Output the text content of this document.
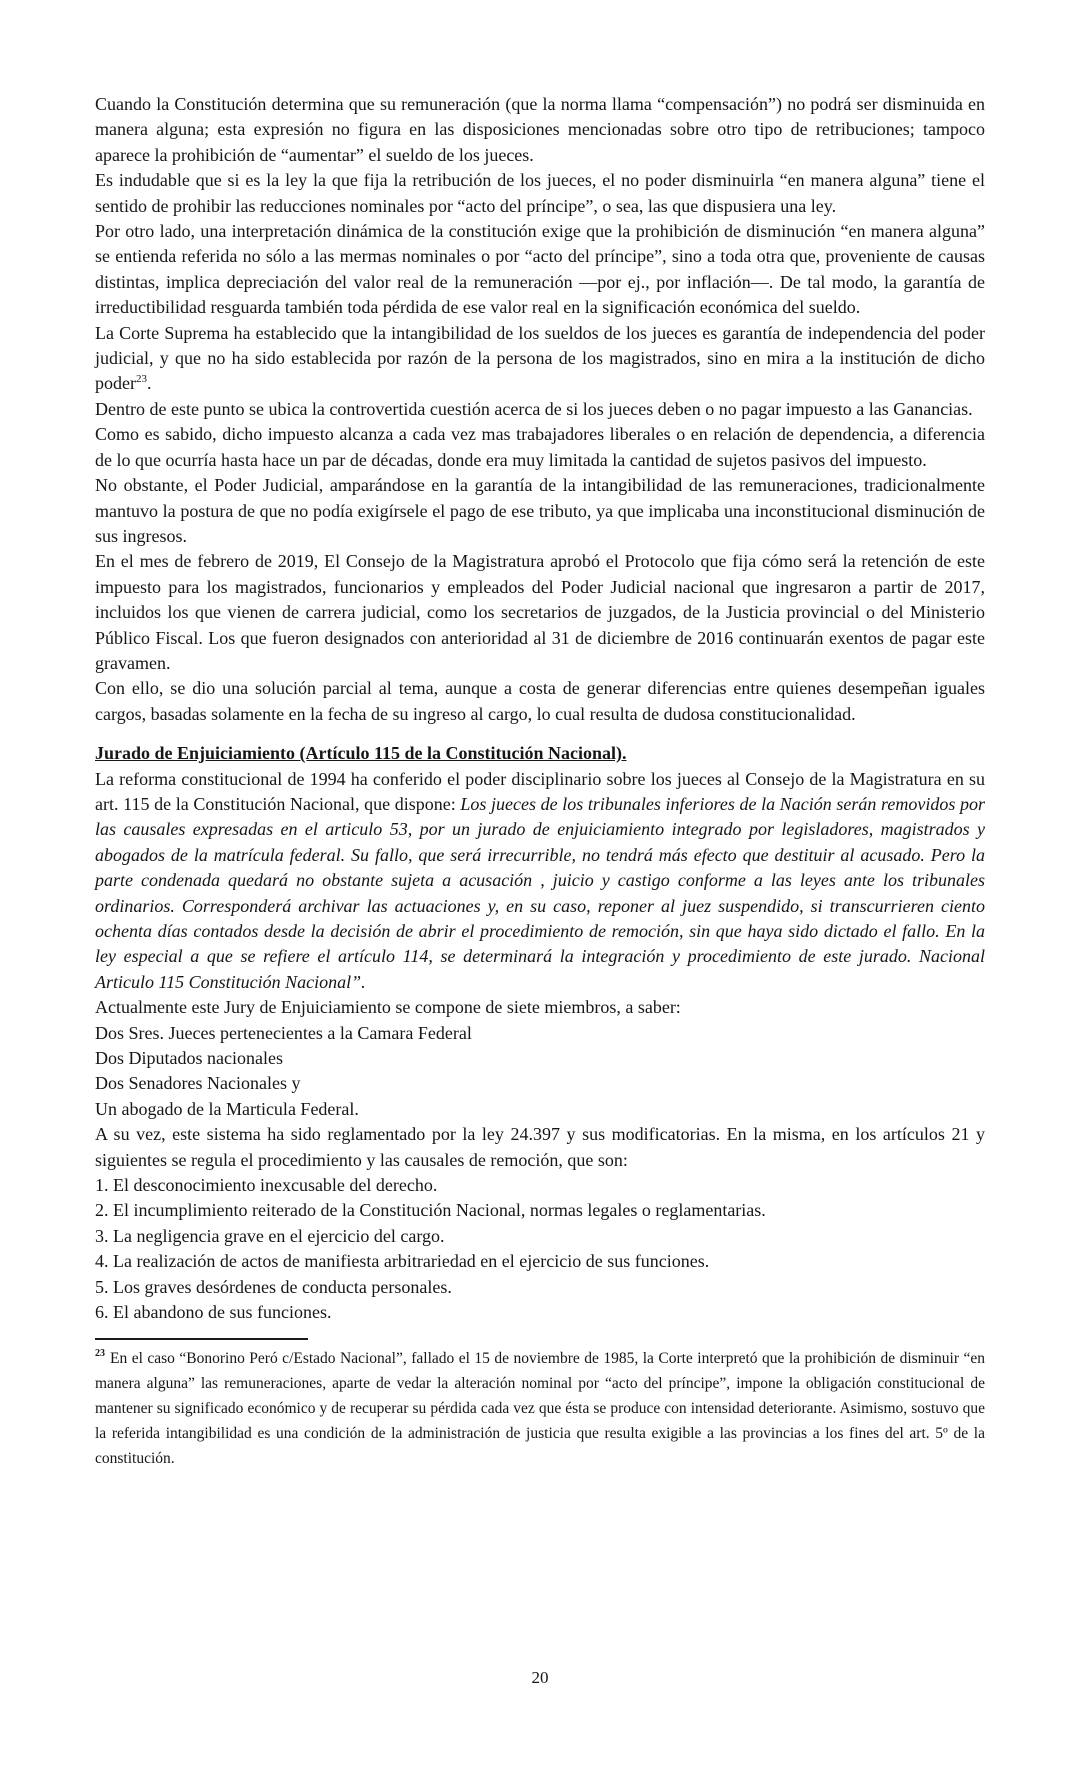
Cuando la Constitución determina que su remuneración (que la norma llama “compensación”) no podrá ser disminuida en manera alguna; esta expresión no figura en las disposiciones mencionadas sobre otro tipo de retribuciones; tampoco aparece la prohibición de “aumentar” el sueldo de los jueces.

Es indudable que si es la ley la que fija la retribución de los jueces, el no poder disminuirla “en manera alguna” tiene el sentido de prohibir las reducciones nominales por “acto del príncipe”, o sea, las que dispusiera una ley.

Por otro lado, una interpretación dinámica de la constitución exige que la prohibición de disminución “en manera alguna” se entienda referida no sólo a las mermas nominales o por “acto del príncipe”, sino a toda otra que, proveniente de causas distintas, implica depreciación del valor real de la remuneración —por ej., por inflación—. De tal modo, la garantía de irreductibilidad resguarda también toda pérdida de ese valor real en la significación económica del sueldo.

La Corte Suprema ha establecido que la intangibilidad de los sueldos de los jueces es garantía de independencia del poder judicial, y que no ha sido establecida por razón de la persona de los magistrados, sino en mira a la institución de dicho poder$^{23}$.

Dentro de este punto se ubica la controvertida cuestión acerca de si los jueces deben o no pagar impuesto a las Ganancias.

Como es sabido, dicho impuesto alcanza a cada vez mas trabajadores liberales o en relación de dependencia, a diferencia de lo que ocurría hasta hace un par de décadas, donde era muy limitada la cantidad de sujetos pasivos del impuesto.

No obstante, el Poder Judicial, amparándose en la garantía de la intangibilidad de las remuneraciones, tradicionalmente mantuvo la postura de que no podía exigírsele el pago de ese tributo, ya que implicaba una inconstitucional disminución de sus ingresos.

En el mes de febrero de 2019, El Consejo de la Magistratura aprobó el Protocolo que fija cómo será la retención de este impuesto para los magistrados, funcionarios y empleados del Poder Judicial nacional que ingresaron a partir de 2017, incluidos los que vienen de carrera judicial, como los secretarios de juzgados, de la Justicia provincial o del Ministerio Público Fiscal. Los que fueron designados con anterioridad al 31 de diciembre de 2016 continuarán exentos de pagar este gravamen.

Con ello, se dio una solución parcial al tema, aunque a costa de generar diferencias entre quienes desempeñan iguales cargos, basadas solamente en la fecha de su ingreso al cargo, lo cual resulta de dudosa constitucionalidad.

Jurado de Enjuiciamiento (Artículo 115 de la Constitución Nacional).

La reforma constitucional de 1994 ha conferido el poder disciplinario sobre los jueces al Consejo de la Magistratura en su art. 115 de la Constitución Nacional, que dispone: Los jueces de los tribunales inferiores de la Nación serán removidos por las causales expresadas en el articulo 53, por un jurado de enjuiciamiento integrado por legisladores, magistrados y abogados de la matrícula federal. Su fallo, que será irrecurrible, no tendrá más efecto que destituir al acusado. Pero la parte condenada quedará no obstante sujeta a acusación , juicio y castigo conforme a las leyes ante los tribunales ordinarios. Corresponderá archivar las actuaciones y, en su caso, reponer al juez suspendido, si transcurrieren ciento ochenta días contados desde la decisión de abrir el procedimiento de remoción, sin que haya sido dictado el fallo. En la ley especial a que se refiere el artículo 114, se determinará la integración y procedimiento de este jurado. Nacional Articulo 115 Constitución Nacional”.

Actualmente este Jury de Enjuiciamiento se compone de siete miembros, a saber:

Dos Sres. Jueces pertenecientes a la Camara Federal

Dos Diputados nacionales

Dos Senadores Nacionales y

Un abogado de la Marticula Federal.

A su vez, este sistema ha sido reglamentado por la ley 24.397 y sus modificatorias. En la misma, en los artículos 21 y siguientes se regula el procedimiento y las causales de remoción, que son:

1. El desconocimiento inexcusable del derecho.

2. El incumplimiento reiterado de la Constitución Nacional, normas legales o reglamentarias.

3. La negligencia grave en el ejercicio del cargo.

4. La realización de actos de manifiesta arbitrariedad en el ejercicio de sus funciones.

5. Los graves desórdenes de conducta personales.

6. El abandono de sus funciones.

$^{23}$ En el caso “Bonorino Peró c/Estado Nacional”, fallado el 15 de noviembre de 1985, la Corte interpretó que la prohibición de disminuir “en manera alguna” las remuneraciones, aparte de vedar la alteración nominal por “acto del príncipe”, impone la obligación constitucional de mantener su significado económico y de recuperar su pérdida cada vez que ésta se produce con intensidad deteriorante. Asimismo, sostuvo que la referida intangibilidad es una condición de la administración de justicia que resulta exigible a las provincias a los fines del art. 5º de la constitución.

20
